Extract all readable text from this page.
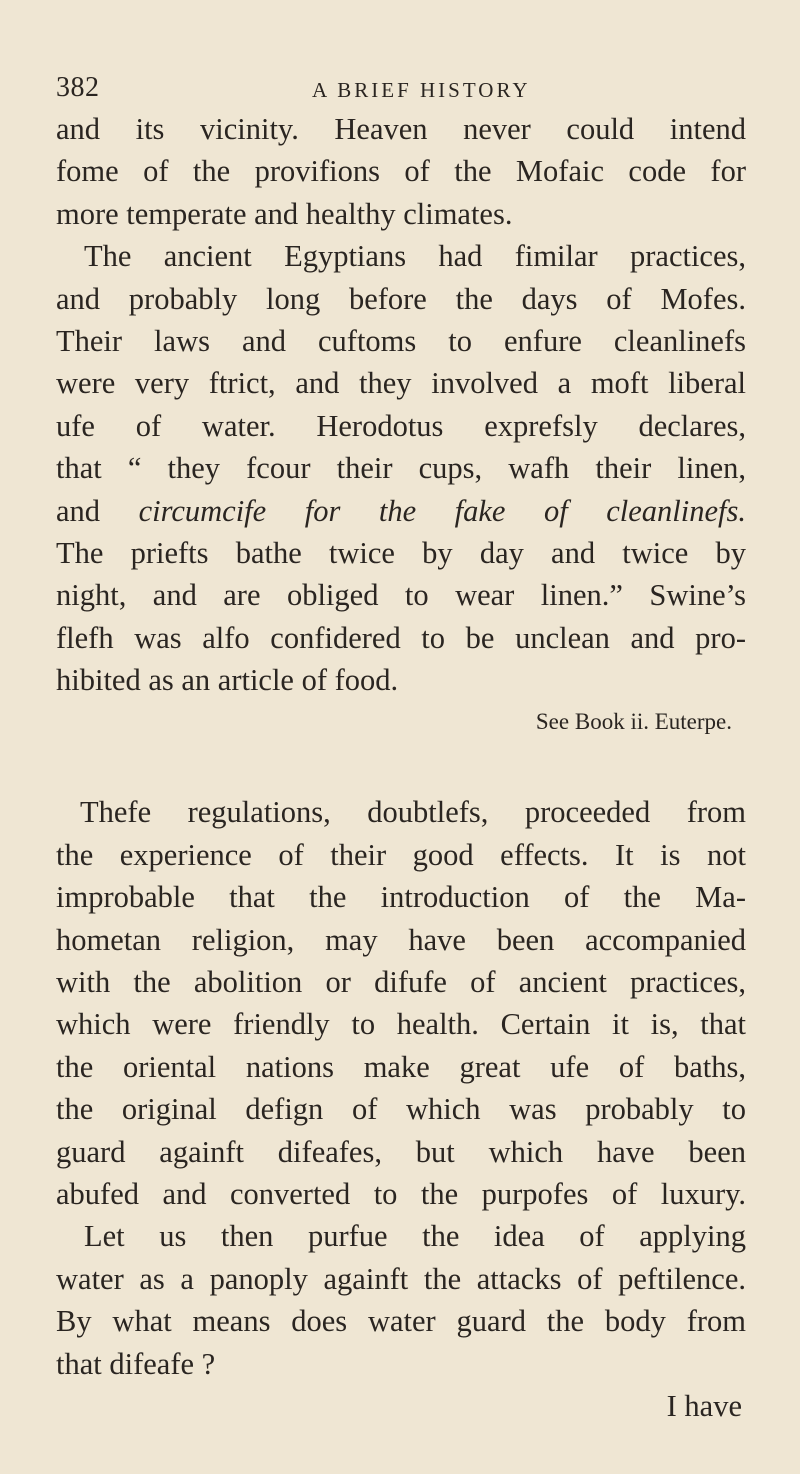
382	A BRIEF HISTORY
and its vicinity. Heaven never could intend
fome of the provifions of the Mofaic code for
more temperate and healthy climates.
The ancient Egyptians had fimilar practices,
and probably long before the days of Mofes.
Their laws and cuftoms to enfure cleanlinefs
were very ftrict, and they involved a moft liberal
ufe of water. Herodotus exprefsly declares,
that “ they fcour their cups, wafh their linen,
and circumcife for the fake of cleanlinefs.
The priefts bathe twice by day and twice by
night, and are obliged to wear linen.” Swine’s
flefh was alfo confidered to be unclean and pro-
hibited as an article of food.
See Book ii. Euterpe.
Thefe regulations, doubtlefs, proceeded from
the experience of their good effects. It is not
improbable that the introduction of the Ma-
hometan religion, may have been accompanied
with the abolition or difufe of ancient practices,
which were friendly to health. Certain it is, that
the oriental nations make great ufe of baths,
the original defign of which was probably to
guard againft difeafes, but which have been
abufed and converted to the purpofes of luxury.
Let us then purfue the idea of applying
water as a panoply againft the attacks of peftilence.
By what means does water guard the body from
that difeafe ?
I have
